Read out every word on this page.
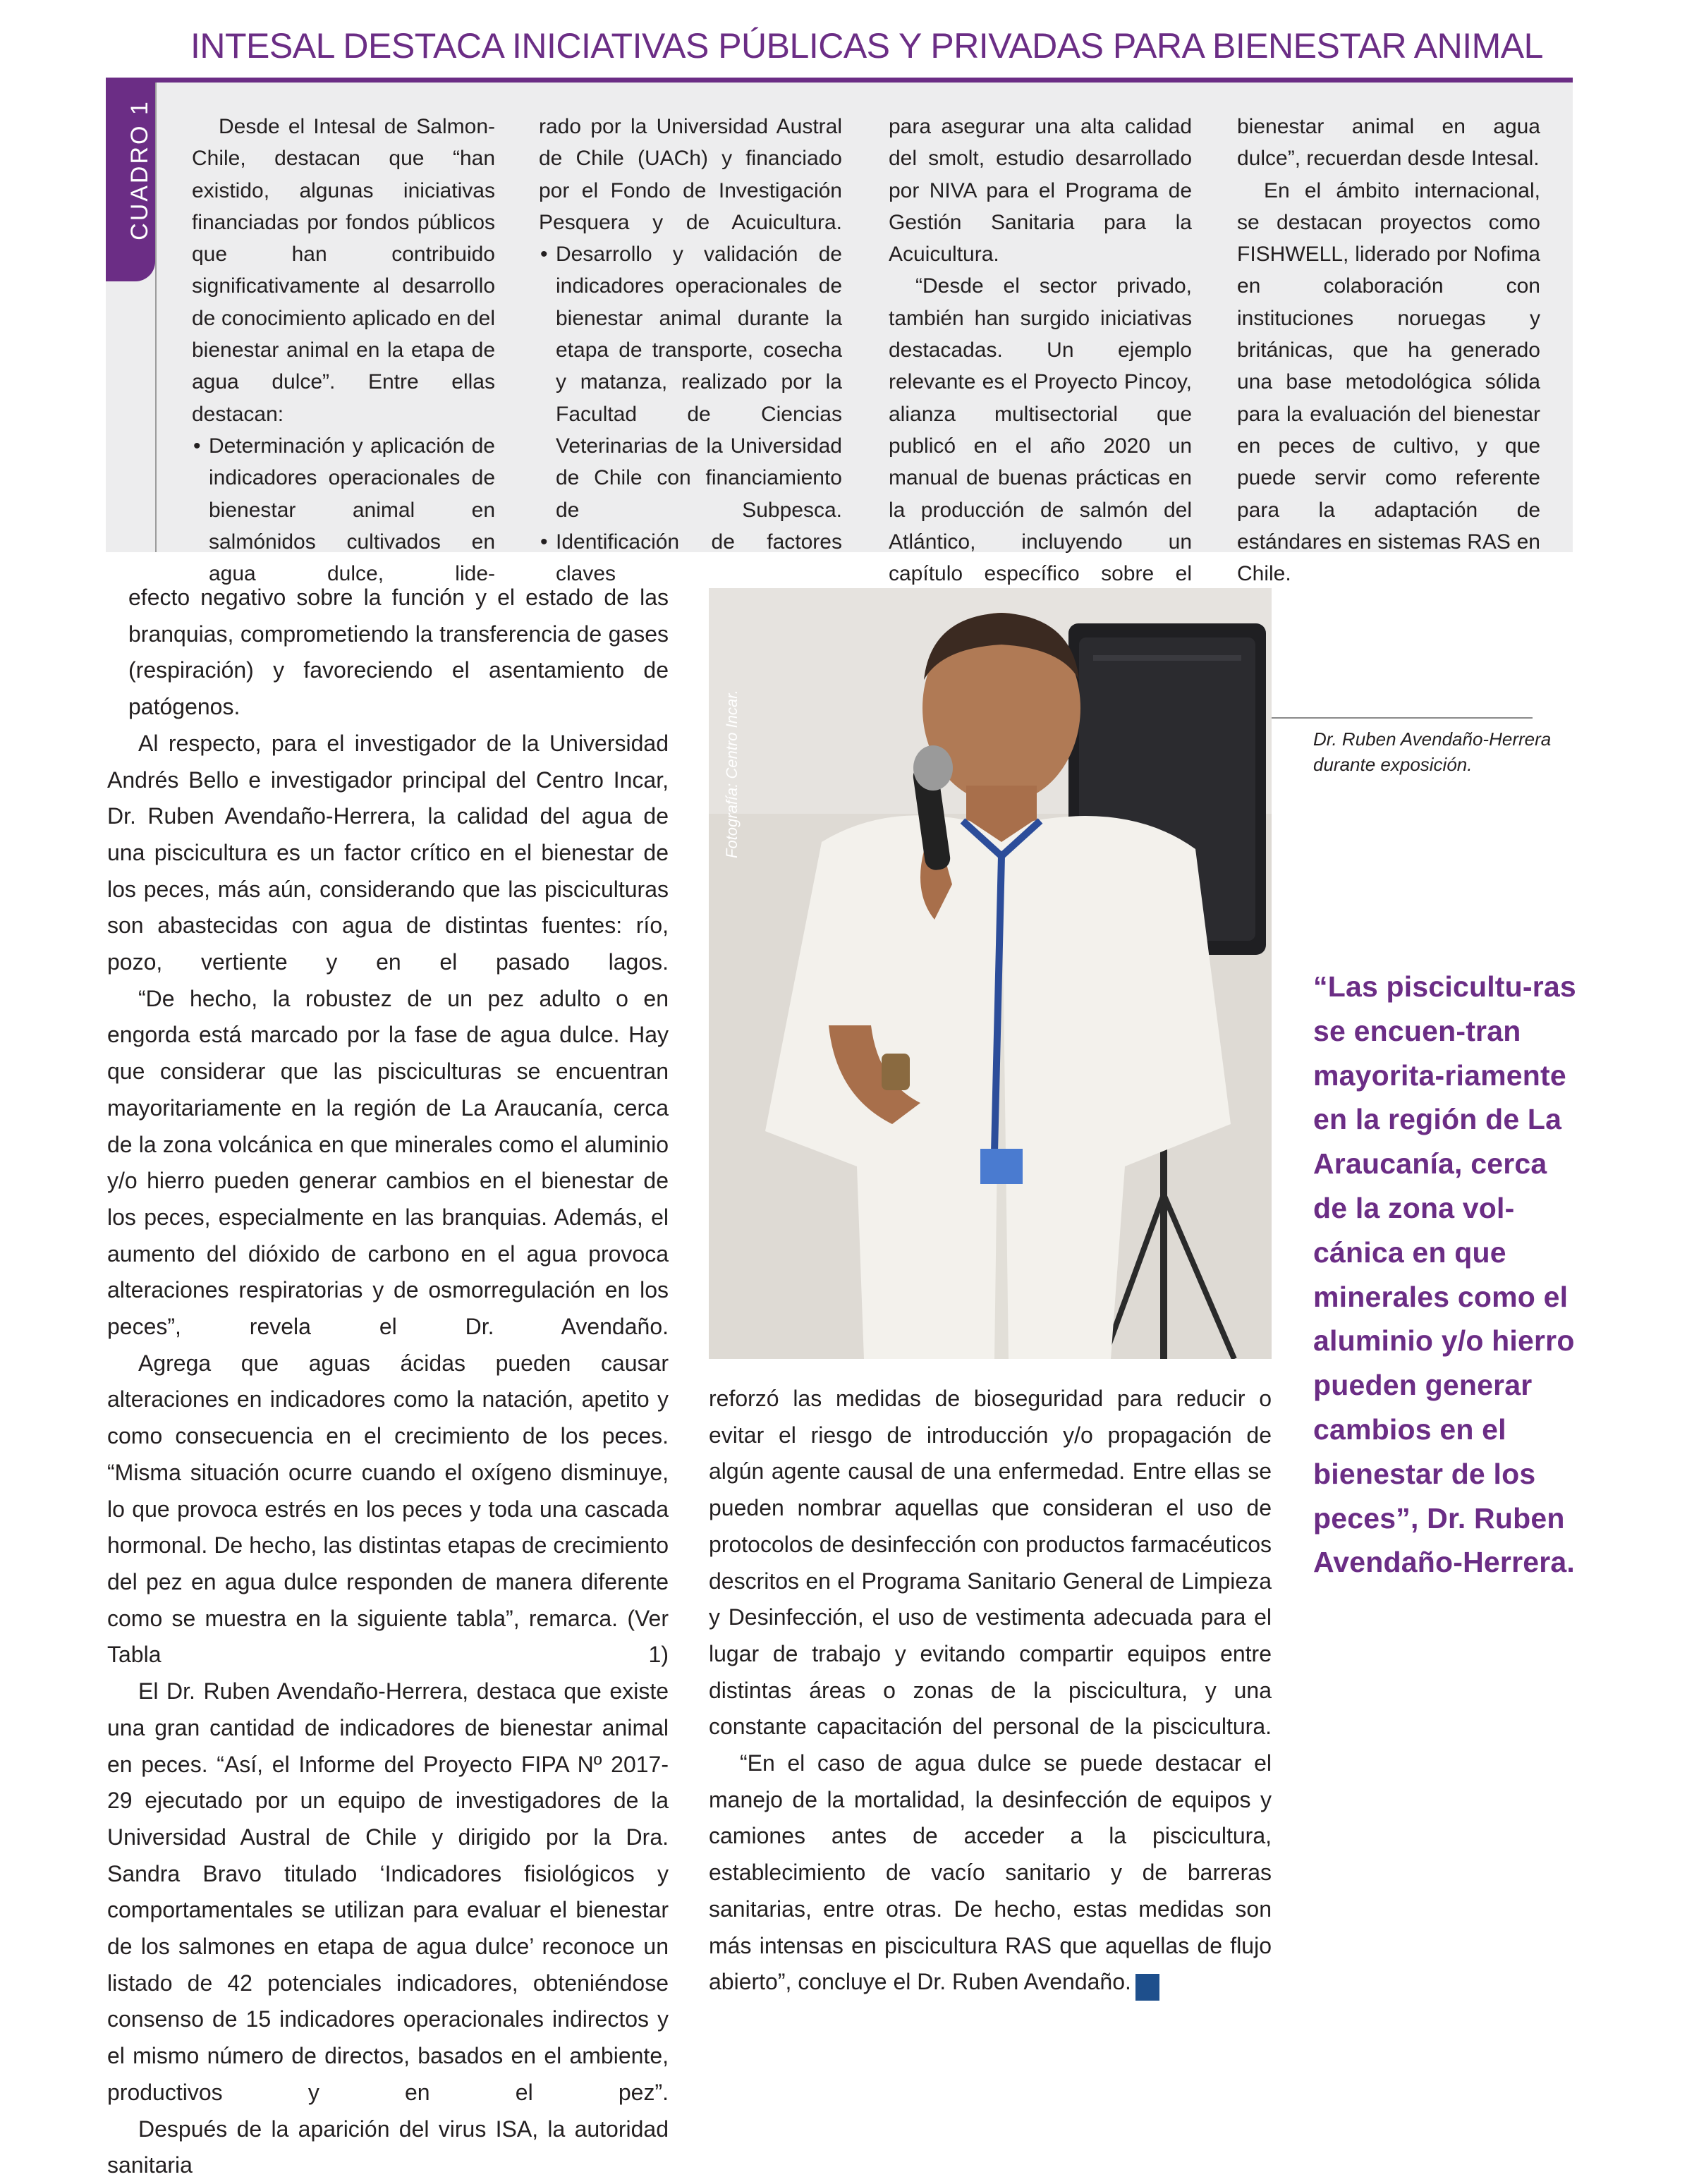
INTESAL DESTACA INICIATIVAS PÚBLICAS Y PRIVADAS PARA BIENESTAR ANIMAL
CUADRO 1	Desde el Intesal de Salmon-Chile, destacan que “han existido, algunas iniciativas financiadas por fondos públicos que han contribuido significativamente al desarrollo de conocimiento aplicado en del bienestar animal en la etapa de agua dulce”. Entre ellas destacan:

• Determinación y aplicación de indicadores operacionales de bienestar animal en salmónidos cultivados en agua dulce, lide-

rado por la Universidad Austral de Chile (UACh) y financiado por el Fondo de Investigación Pesquera y de Acuicultura.

• Desarrollo y validación de indicadores operacionales de bienestar animal durante la etapa de transporte, cosecha y matanza, realizado por la Facultad de Ciencias Veterinarias de la Universidad de Chile con financiamiento de Subpesca.
• Identificación de factores claves

para asegurar una alta calidad del smolt, estudio desarrollado por NIVA para el Programa de Gestión Sanitaria para la Acuicultura.

“Desde el sector privado, también han surgido iniciativas destacadas. Un ejemplo relevante es el Proyecto Pincoy, alianza multisectorial que publicó en el año 2020 un manual de buenas prácticas en la producción de salmón del Atlántico, incluyendo un capítulo específico sobre el

bienestar animal en agua dulce”, recuerdan desde Intesal.

En el ámbito internacional, se destacan proyectos como FISHWELL, liderado por Nofima en colaboración con instituciones noruegas y británicas, que ha generado una base metodológica sólida para la evaluación del bienestar en peces de cultivo, y que puede servir como referente para la adaptación de estándares en sistemas RAS en Chile.

efecto negativo sobre la función y el estado de las branquias, comprometiendo la transferencia de gases (respiración) y favoreciendo el asentamiento de patógenos.

Al respecto, para el investigador de la Universidad Andrés Bello e investigador principal del Centro Incar, Dr. Ruben Avendaño-Herrera, la calidad del agua de una piscicultura es un factor crítico en el bienestar de los peces, más aún, considerando que las pisciculturas son abastecidas con agua de distintas fuentes: río, pozo, vertiente y en el pasado lagos.

“De hecho, la robustez de un pez adulto o en engorda está marcado por la fase de agua dulce. Hay que considerar que las pisciculturas se encuentran mayoritariamente en la región de La Araucanía, cerca de la zona volcánica en que minerales como el aluminio y/o hierro pueden generar cambios en el bienestar de los peces, especialmente en las branquias. Además, el aumento del dióxido de carbono en el agua provoca alteraciones respiratorias y de osmorregulación en los peces”, revela el Dr. Avendaño.

Agrega que aguas ácidas pueden causar alteraciones en indicadores como la natación, apetito y como consecuencia en el crecimiento de los peces. “Misma situación ocurre cuando el oxígeno disminuye, lo que provoca estrés en los peces y toda una cascada hormonal. De hecho, las distintas etapas de crecimiento del pez en agua dulce responden de manera diferente como se muestra en la siguiente tabla”, remarca. (Ver Tabla 1)

El Dr. Ruben Avendaño-Herrera, destaca que existe una gran cantidad de indicadores de bienestar animal en peces. “Así, el Informe del Proyecto FIPA Nº 2017-29 ejecutado por un equipo de investigadores de la Universidad Austral de Chile y dirigido por la Dra. Sandra Bravo titulado ‘Indicadores fisiológicos y comportamentales se utilizan para evaluar el bienestar de los salmones en etapa de agua dulce’ reconoce un listado de 42 potenciales indicadores, obteniéndose consenso de 15 indicadores operacionales indirectos y el mismo número de directos, basados en el ambiente, productivos y en el pez”.

Después de la aparición del virus ISA, la autoridad sanitaria

Fotografía: Centro Incar.	Dr. Ruben Avendaño-Herrera
durante exposición.

reforzó las medidas de bioseguridad para reducir o evitar el riesgo de introducción y/o propagación de algún agente causal de una enfermedad. Entre ellas se pueden nombrar aquellas que consideran el uso de protocolos de desinfección con productos farmacéuticos descritos en el Programa Sanitario General de Limpieza y Desinfección, el uso de vestimenta adecuada para el lugar de trabajo y evitando compartir equipos entre distintas áreas o zonas de la piscicultura, y una constante capacitación del personal de la piscicultura.

“En el caso de agua dulce se puede destacar el manejo de la mortalidad, la desinfección de equipos y camiones antes de acceder a la piscicultura, establecimiento de vacío sanitario y de barreras sanitarias, entre otras. De hecho, estas medidas son más intensas en piscicultura RAS que aquellas de flujo abierto”, concluye el Dr. Ruben Avendaño. Q

“Las piscicultu-ras se encuen-tran mayorita-riamente en la región de La Araucanía, cerca de la zona vol-cánica en que minerales como el aluminio y/o hierro pueden generar cambios en el bienestar de los peces”, Dr. Ruben Avendaño-Herrera.
